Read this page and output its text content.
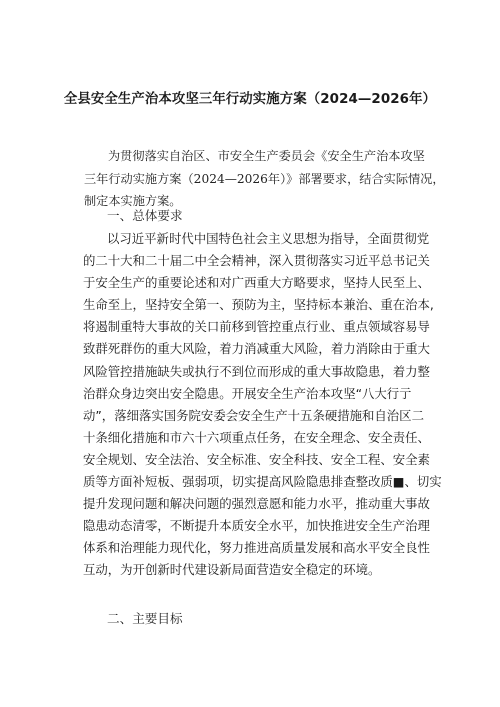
全县安全生产治本攻坚三年行动实施方案（2024—2026年）
为贯彻落实自治区、市安全生产委员会《安全生产治本攻坚
三年行动实施方案（2024—2026年）》部署要求，结合实际情况，
制定本实施方案。
一、总体要求
以习近平新时代中国特色社会主义思想为指导，全面贯彻党
的二十大和二十届二中全会精神，深入贯彻落实习近平总书记关
于安全生产的重要论述和对广西重大方略要求，坚持人民至上、
生命至上，坚持安全第一、预防为主，坚持标本兼治、重在治本,
将遏制重特大事故的关口前移到管控重点行业、重点领域容易导
致群死群伤的重大风险，着力消减重大风险，着力消除由于重大
风险管控措施缺失或执行不到位而形成的重大事故隐患，着力整
治群众身边突出安全隐患。开展安全生产治本攻坚“八大行亍
动”，落细落实国务院安委会安全生产十五条硬措施和自治区二
十条细化措施和市六十六项重点任务，在安全理念、安全责任、
安全规划、安全法治、安全标准、安全科技、安全工程、安全素
质等方面补短板、强弱项，切实提高风险隐患排查整改质■、切实
提升发现问题和解决问题的强烈意愿和能力水平，推动重大事故
隐患动态清零，不断提升本质安全水平，加快推进安全生产治理
体系和治理能力现代化，努力推进高质量发展和高水平安全良性
互动，为开创新时代建设新局面营造安全稳定的环境。
二、主要目标
